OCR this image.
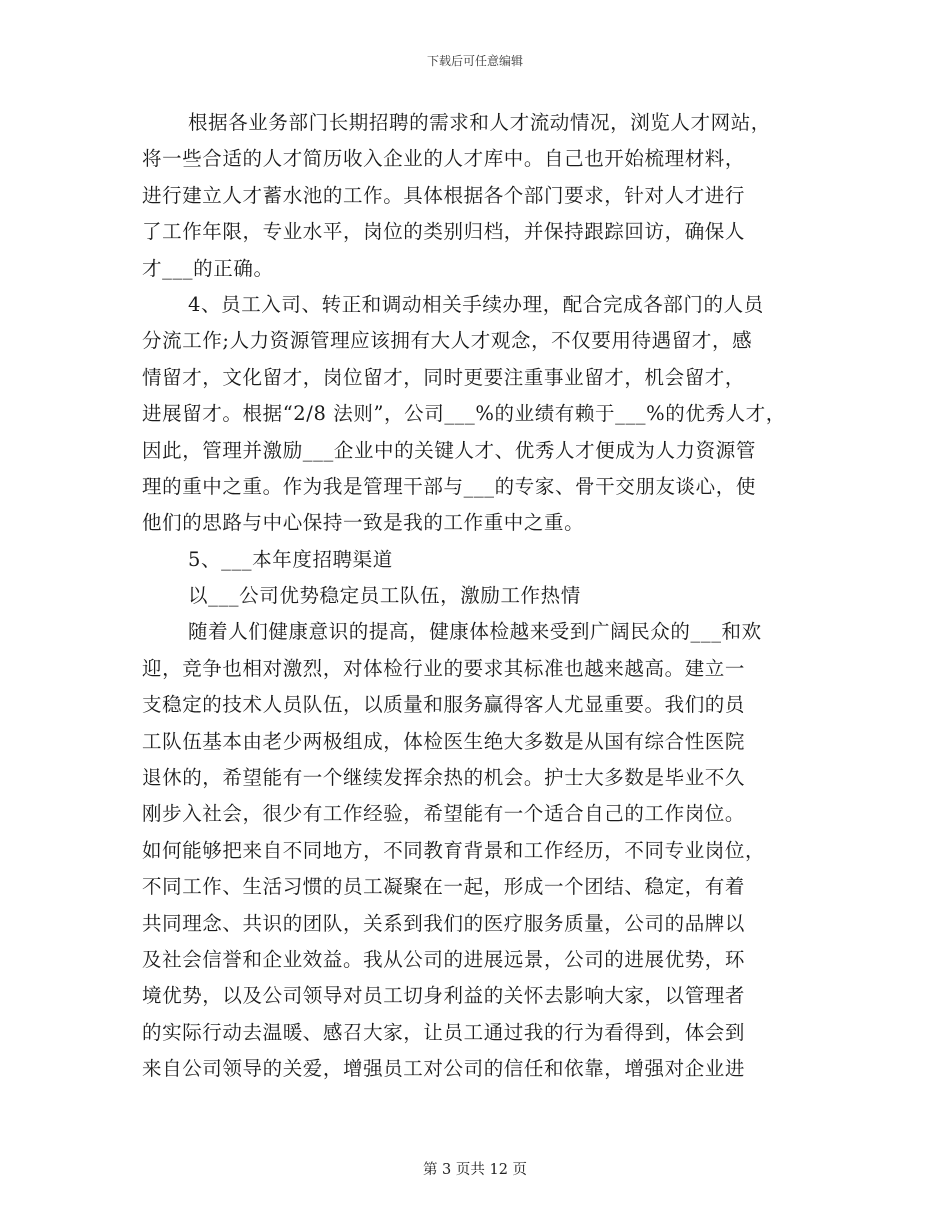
下载后可任意编辑
根据各业务部门长期招聘的需求和人才流动情况，浏览人才网站，
将一些合适的人才简历收入企业的人才库中。自己也开始梳理材料，
进行建立人才蓄水池的工作。具体根据各个部门要求，针对人才进行
了工作年限，专业水平，岗位的类别归档，并保持跟踪回访，确保人
才___的正确。
4、员工入司、转正和调动相关手续办理，配合完成各部门的人员
分流工作;人力资源管理应该拥有大人才观念，不仅要用待遇留才，感
情留才，文化留才，岗位留才，同时更要注重事业留才，机会留才，
进展留才。根据“2/8 法则”，公司___%的业绩有赖于___%的优秀人才，
因此，管理并激励___企业中的关键人才、优秀人才便成为人力资源管
理的重中之重。作为我是管理干部与___的专家、骨干交朋友谈心，使
他们的思路与中心保持一致是我的工作重中之重。
5、___本年度招聘渠道
以___公司优势稳定员工队伍，激励工作热情
随着人们健康意识的提高，健康体检越来受到广阔民众的___和欢
迎，竞争也相对激烈，对体检行业的要求其标准也越来越高。建立一
支稳定的技术人员队伍，以质量和服务赢得客人尤显重要。我们的员
工队伍基本由老少两极组成，体检医生绝大多数是从国有综合性医院
退休的，希望能有一个继续发挥余热的机会。护士大多数是毕业不久
刚步入社会，很少有工作经验，希望能有一个适合自己的工作岗位。
如何能够把来自不同地方，不同教育背景和工作经历，不同专业岗位，
不同工作、生活习惯的员工凝聚在一起，形成一个团结、稳定，有着
共同理念、共识的团队，关系到我们的医疗服务质量，公司的品牌以
及社会信誉和企业效益。我从公司的进展远景，公司的进展优势，环
境优势，以及公司领导对员工切身利益的关怀去影响大家，以管理者
的实际行动去温暖、感召大家，让员工通过我的行为看得到，体会到
来自公司领导的关爱，增强员工对公司的信任和依靠，增强对企业进
第 3 页共 12 页
